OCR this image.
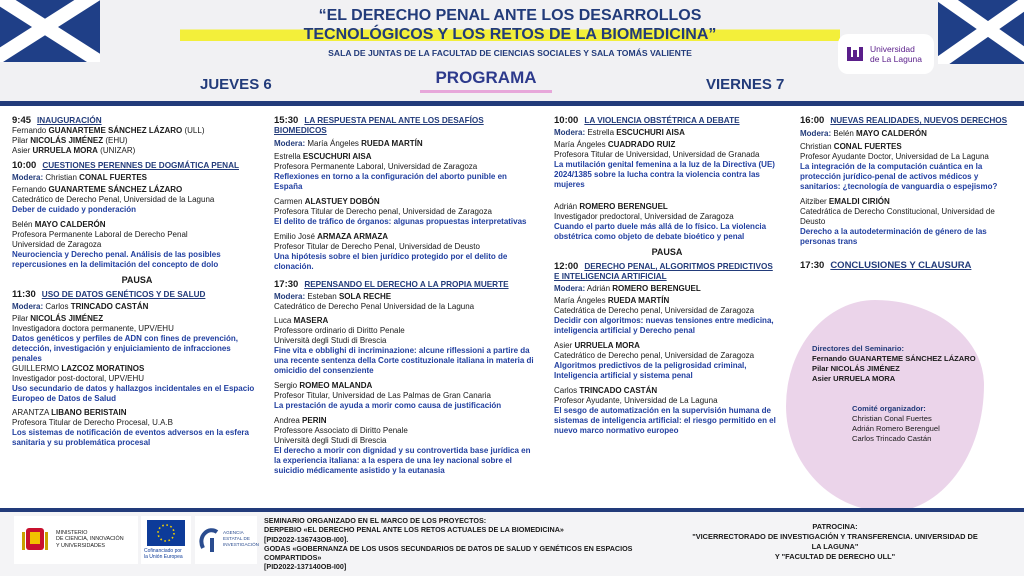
“EL DERECHO PENAL ANTE LOS DESARROLLOS
TECNOLÓGICOS Y LOS RETOS DE LA BIOMEDICINA”
SALA DE JUNTAS DE LA FACULTAD DE CIENCIAS SOCIALES Y SALA TOMÁS VALIENTE	Universidad
de La Laguna
JUEVES 6	PROGRAMA	VIERNES 7
9:45 INAUGURACIÓN
Fernando GUANARTEME SÁNCHEZ LÁZARO (ULL)
Pilar NICOLÁS JIMÉNEZ (EHU)
Asier URRUELA MORA (UNIZAR)
10:00 CUESTIONES PERENNES DE DOGMÁTICA PENAL
Modera: Christian CONAL FUERTES
Fernando GUANARTEME SÁNCHEZ LÁZARO
Catedrático de Derecho Penal, Universidad de la Laguna
Deber de cuidado y ponderación
Belén MAYO CALDERÓN
Profesora Permanente Laboral de Derecho Penal
Universidad de Zaragoza
Neurociencia y Derecho penal. Análisis de las posibles repercusiones en la delimitación del concepto de dolo
PAUSA
11:30 USO DE DATOS GENÉTICOS Y DE SALUD
Modera: Carlos TRINCADO CASTÁN
Pilar NICOLÁS JIMÉNEZ
Investigadora doctora permanente, UPV/EHU
Datos genéticos y perfiles de ADN con fines de prevención, detección, investigación y enjuiciamiento de infracciones penales
GUILLERMO LAZCOZ MORATINOS
Investigador post-doctoral, UPV/EHU
Uso secundario de datos y hallazgos incidentales en el Espacio Europeo de Datos de Salud
ARANTZA LIBANO BERISTAIN
Profesora Titular de Derecho Procesal, U.A.B
Los sistemas de notificación de eventos adversos en la esfera sanitaria y su problemática procesal
15:30 LA RESPUESTA PENAL ANTE LOS DESAFÍOS BIOMEDICOS
Modera: María Ángeles RUEDA MARTÍN
Estrella ESCUCHURI AISA
Profesora Permanente Laboral, Universidad de Zaragoza
Reflexiones en torno a la configuración del aborto punible en España
Carmen ALASTUEY DOBÓN
Profesora Titular de Derecho penal, Universidad de Zaragoza
El delito de tráfico de órganos: algunas propuestas interpretativas
Emilio José ARMAZA ARMAZA
Profesor Titular de Derecho Penal, Universidad de Deusto
Una hipótesis sobre el bien jurídico protegido por el delito de clonación.
17:30 REPENSANDO EL DERECHO A LA PROPIA MUERTE
Modera: Esteban SOLA RECHE
Catedrático de Derecho Penal Universidad de la Laguna
Luca MASERA
Professore ordinario di Diritto Penale
Università degli Studi di Brescia
Fine vita e obblighi di incriminazione: alcune riflessioni a partire da una recente sentenza della Corte costituzionale italiana in materia di omicidio del consenziente
Sergio ROMEO MALANDA
Profesor Titular, Universidad de Las Palmas de Gran Canaria
La prestación de ayuda a morir como causa de justificación
Andrea PERIN
Professore Associato di Diritto Penale
Università degli Studi di Brescia
El derecho a morir con dignidad y su controvertida base jurídica en la experiencia italiana: a la espera de una ley nacional sobre el suicidio médicamente asistido y la eutanasia
10:00 LA VIOLENCIA OBSTÉTRICA A DEBATE
Modera: Estrella ESCUCHURI AISA
María Ángeles CUADRADO RUIZ
Profesora Titular de Universidad, Universidad de Granada
La mutilación genital femenina a la luz de la Directiva (UE) 2024/1385 sobre la lucha contra la violencia contra las mujeres
Adrián ROMERO BERENGUEL
Investigador predoctoral, Universidad de Zaragoza
Cuando el parto duele más allá de lo físico. La violencia obstétrica como objeto de debate bioético y penal
PAUSA
12:00 DERECHO PENAL, ALGORITMOS PREDICTIVOS E INTELIGENCIA ARTIFICIAL
Modera: Adrián ROMERO BERENGUEL
María Ángeles RUEDA MARTÍN
Catedrática de Derecho penal, Universidad de Zaragoza
Decidir con algoritmos: nuevas tensiones entre medicina, inteligencia artificial y Derecho penal
Asier URRUELA MORA
Catedrático de Derecho penal, Universidad de Zaragoza
Algoritmos predictivos de la peligrosidad criminal, Inteligencia artificial y sistema penal
Carlos TRINCADO CASTÁN
Profesor Ayudante, Universidad de La Laguna
El sesgo de automatización en la supervisión humana de sistemas de inteligencia artificial: el riesgo permitido en el nuevo marco normativo europeo
16:00 NUEVAS REALIDADES, NUEVOS DERECHOS
Modera: Belén MAYO CALDERÓN
Christian CONAL FUERTES
Profesor Ayudante Doctor, Universidad de La Laguna
La integración de la computación cuántica en la protección jurídico-penal de activos médicos y sanitarios: ¿tecnología de vanguardia o espejismo?
Aitziber EMALDI CIRIÓN
Catedrática de Derecho Constitucional, Universidad de Deusto
Derecho a la autodeterminación de género de las personas trans
17:30 CONCLUSIONES Y CLAUSURA
Directores del Seminario:
Fernando GUANARTEME SÁNCHEZ LÁZARO
Pilar NICOLÁS JIMÉNEZ
Asier URRUELA MORA
Comité organizador:
Christian Conal Fuertes
Adrián Romero Berenguel
Carlos Trincado Castán
MINISTERIO
DE CIENCIA, INNOVACIÓN
Y UNIVERSIDADES
Cofinanciado por
la Unión Europea
AGENCIA
ESTATAL DE
INVESTIGACIÓN
SEMINARIO ORGANIZADO EN EL MARCO DE LOS PROYECTOS:
DERPEBIO «EL DERECHO PENAL ANTE LOS RETOS ACTUALES DE LA BIOMEDICINA»
[PID2022-136743OB-I00].
GODAS «GOBERNANZA DE LOS USOS SECUNDARIOS DE DATOS DE SALUD Y GENÉTICOS EN ESPACIOS COMPARTIDOS»
[PID2022-137140OB-I00]
PATROCINA:
"VICERRECTORADO DE INVESTIGACIÓN Y TRANSFERENCIA. UNIVERSIDAD DE LA LAGUNA"
Y "FACULTAD DE DERECHO ULL"
